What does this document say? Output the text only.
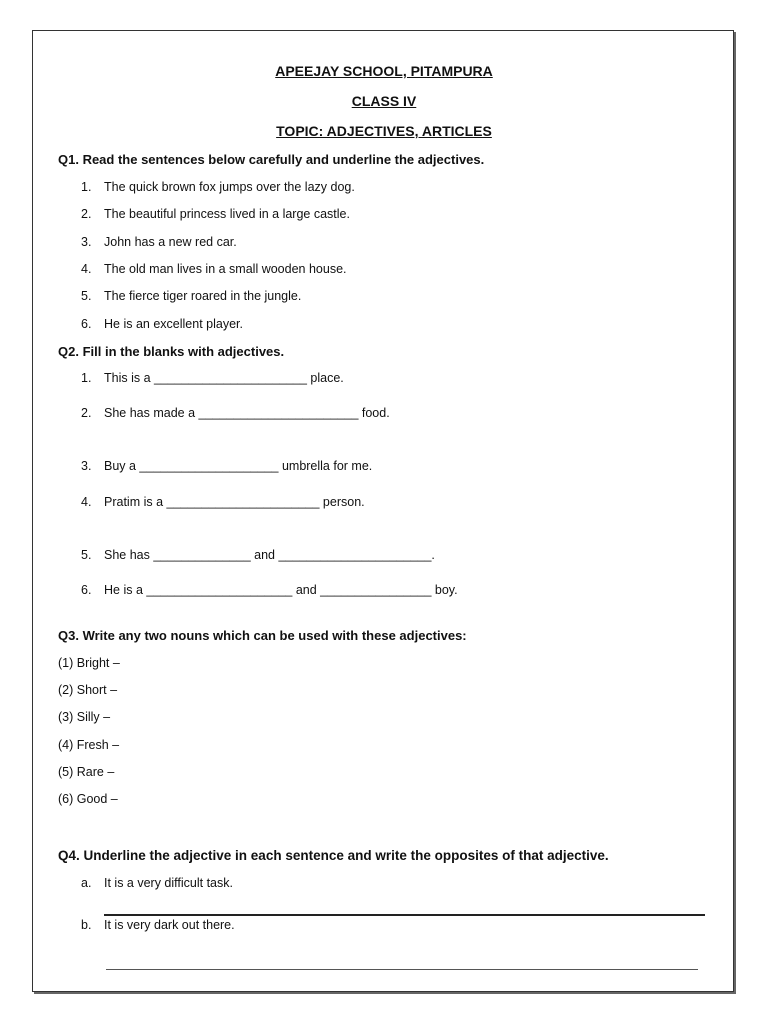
APEEJAY SCHOOL, PITAMPURA
CLASS IV
TOPIC: ADJECTIVES, ARTICLES
Q1. Read the sentences below carefully and underline the adjectives.
1. The quick brown fox jumps over the lazy dog.
2. The beautiful princess lived in a large castle.
3. John has a new red car.
4. The old man lives in a small wooden house.
5. The fierce tiger roared in the jungle.
6. He is an excellent player.
Q2. Fill in the blanks with adjectives.
1. This is a ______________________ place.
2. She has made a _______________________ food.
3. Buy a ____________________ umbrella for me.
4. Pratim is a ______________________ person.
5. She has ______________ and ______________________.
6. He is a _____________________ and ________________ boy.
Q3. Write any two nouns which can be used with these adjectives:
(1) Bright –
(2) Short –
(3) Silly –
(4) Fresh –
(5) Rare –
(6) Good –
Q4. Underline the adjective in each sentence and write the opposites of that adjective.
a. It is a very difficult task.
b. It is very dark out there.
